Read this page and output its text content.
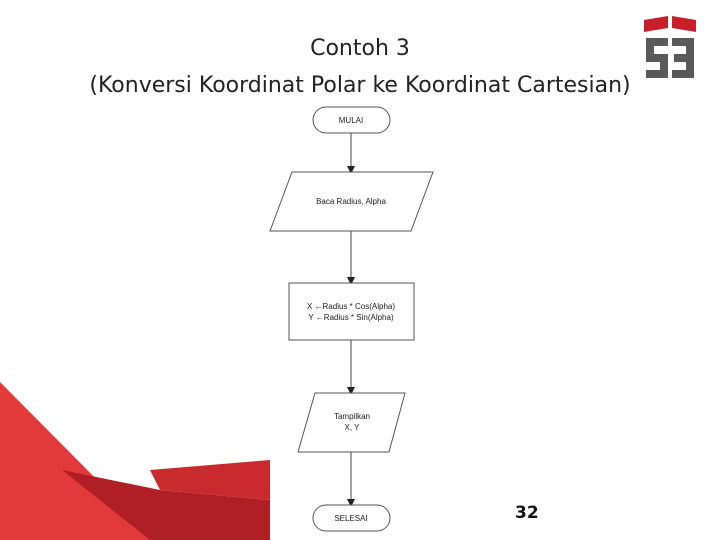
Contoh 3
(Konversi Koordinat Polar ke Koordinat Cartesian)
MULAI
Baca Radius, Alpha
X ←Radius * Cos(Alpha)
Y ←Radius * Sin(Alpha)
Tampilkan
X, Y
SELESAI	32
